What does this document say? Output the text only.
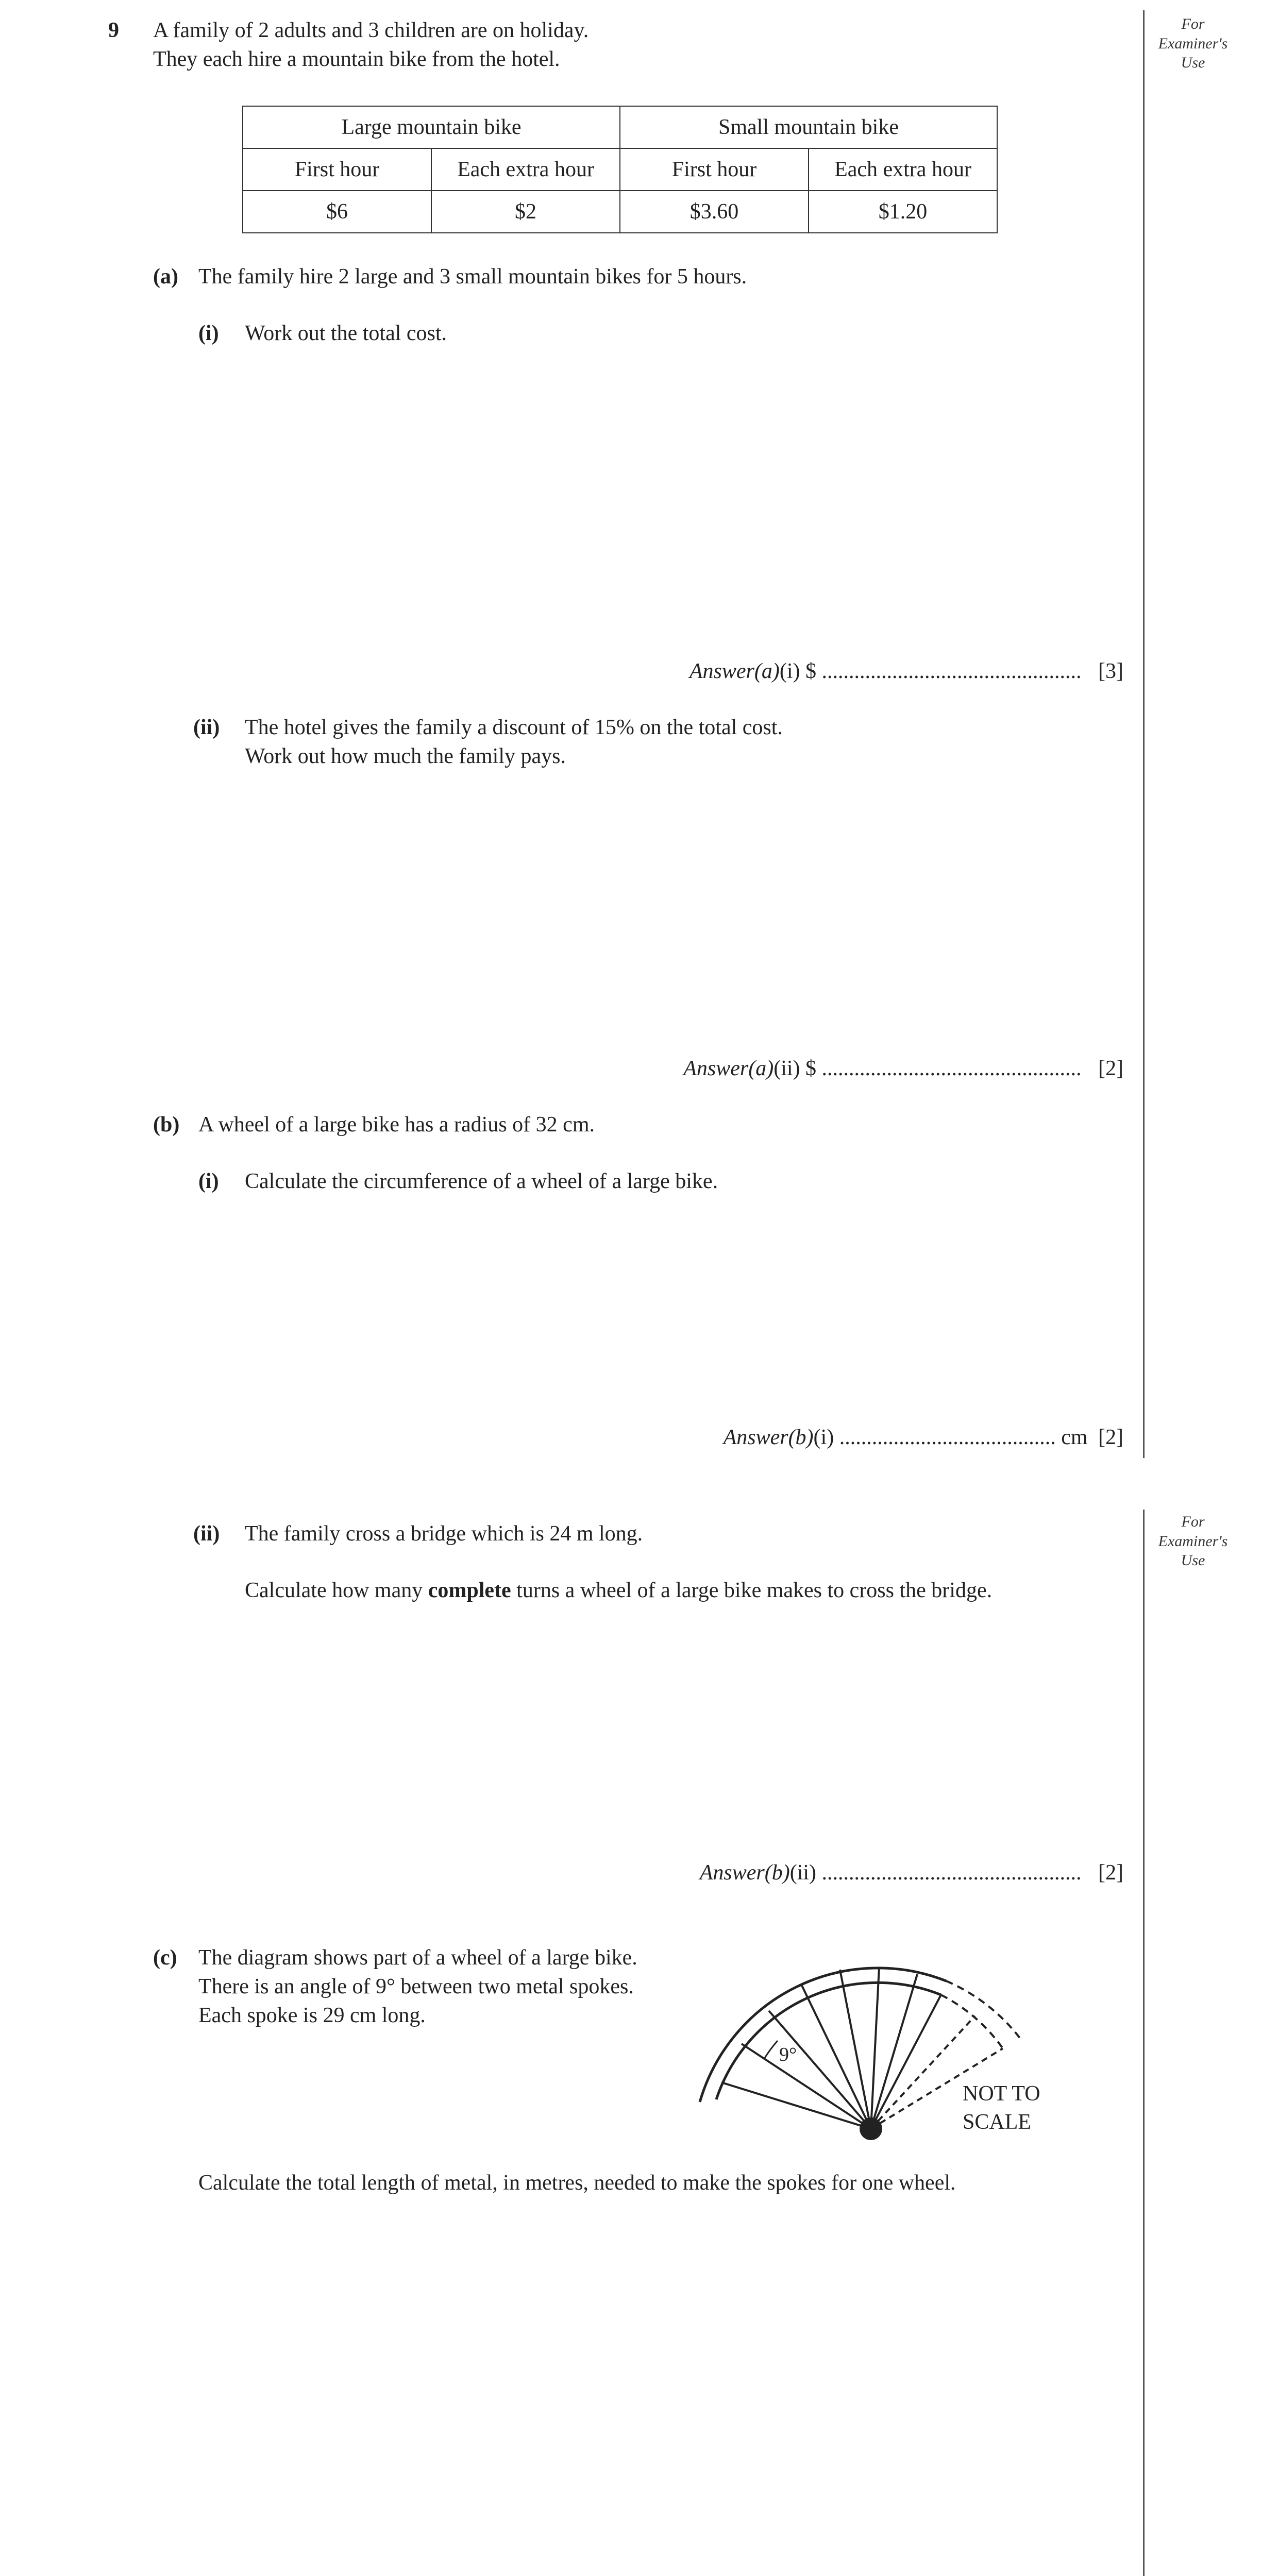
For
Examiner's
Use
For
Examiner's
Use
9 A family of 2 adults and 3 children are on holiday.
They each hire a mountain bike from the hotel.
Large mountain bike		Small mountain bike	
First hour	Each extra hour	First hour	Each extra hour
$6	$2	$3.60	$1.20
(a) The family hire 2 large and 3 small mountain bikes for 5 hours.
(i) Work out the total cost.
Answer(a)(i) $ ................................................ [3]
(ii) The hotel gives the family a discount of 15% on the total cost.
Work out how much the family pays.
Answer(a)(ii) $ ................................................ [2]
(b) A wheel of a large bike has a radius of 32 cm.
(i) Calculate the circumference of a wheel of a large bike.
Answer(b)(i) ........................................ cm [2]
(ii) The family cross a bridge which is 24 m long.
Calculate how many complete turns a wheel of a large bike makes to cross the bridge.
Answer(b)(ii) ................................................ [2]
(c) The diagram shows part of a wheel of a large bike.
There is an angle of 9° between two metal spokes.
Each spoke is 29 cm long.
9°
NOT TO
SCALE
Calculate the total length of metal, in metres, needed to make the spokes for one wheel.
